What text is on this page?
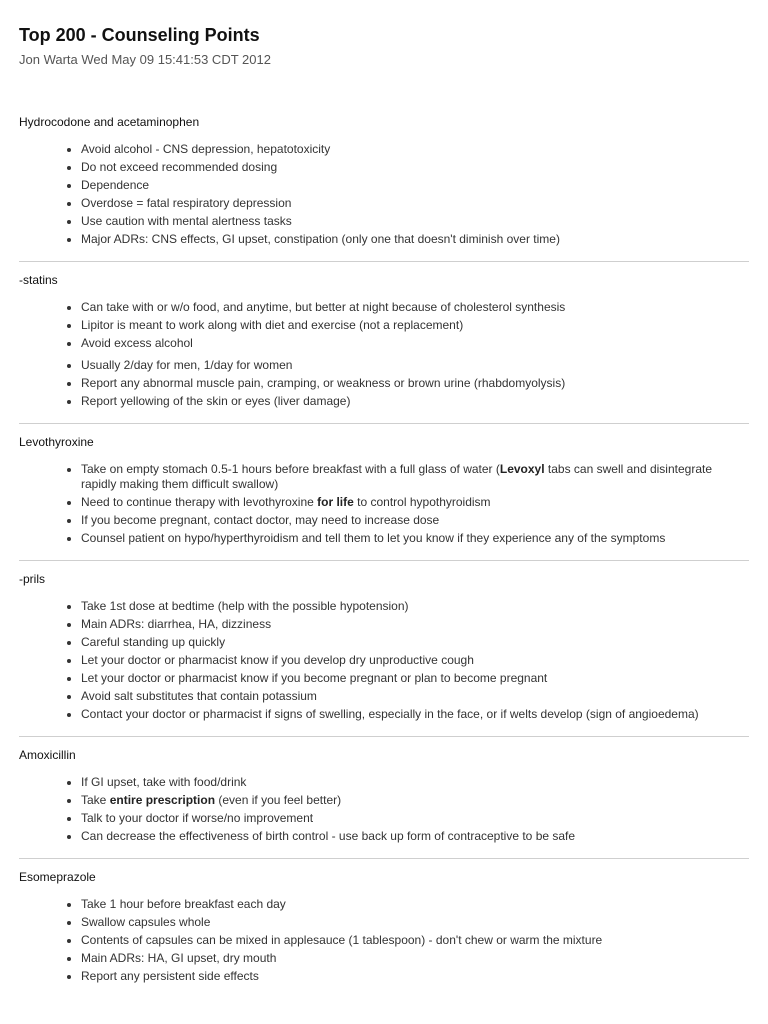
Top 200 - Counseling Points
Jon Warta Wed May 09 15:41:53 CDT 2012
Hydrocodone and acetaminophen
Avoid alcohol - CNS depression, hepatotoxicity
Do not exceed recommended dosing
Dependence
Overdose = fatal respiratory depression
Use caution with mental alertness tasks
Major ADRs: CNS effects, GI upset, constipation (only one that doesn't diminish over time)
-statins
Can take with or w/o food, and anytime, but better at night because of cholesterol synthesis
Lipitor is meant to work along with diet and exercise (not a replacement)
Avoid excess alcohol
Usually 2/day for men, 1/day for women
Report any abnormal muscle pain, cramping, or weakness or brown urine (rhabdomyolysis)
Report yellowing of the skin or eyes (liver damage)
Levothyroxine
Take on empty stomach 0.5-1 hours before breakfast with a full glass of water (Levoxyl tabs can swell and disintegrate rapidly making them difficult swallow)
Need to continue therapy with levothyroxine for life to control hypothyroidism
If you become pregnant, contact doctor, may need to increase dose
Counsel patient on hypo/hyperthyroidism and tell them to let you know if they experience any of the symptoms
-prils
Take 1st dose at bedtime (help with the possible hypotension)
Main ADRs: diarrhea, HA, dizziness
Careful standing up quickly
Let your doctor or pharmacist know if you develop dry unproductive cough
Let your doctor or pharmacist know if you become pregnant or plan to become pregnant
Avoid salt substitutes that contain potassium
Contact your doctor or pharmacist if signs of swelling, especially in the face, or if welts develop (sign of angioedema)
Amoxicillin
If GI upset, take with food/drink
Take entire prescription (even if you feel better)
Talk to your doctor if worse/no improvement
Can decrease the effectiveness of birth control - use back up form of contraceptive to be safe
Esomeprazole
Take 1 hour before breakfast each day
Swallow capsules whole
Contents of capsules can be mixed in applesauce (1 tablespoon) - don't chew or warm the mixture
Main ADRs: HA, GI upset, dry mouth
Report any persistent side effects
